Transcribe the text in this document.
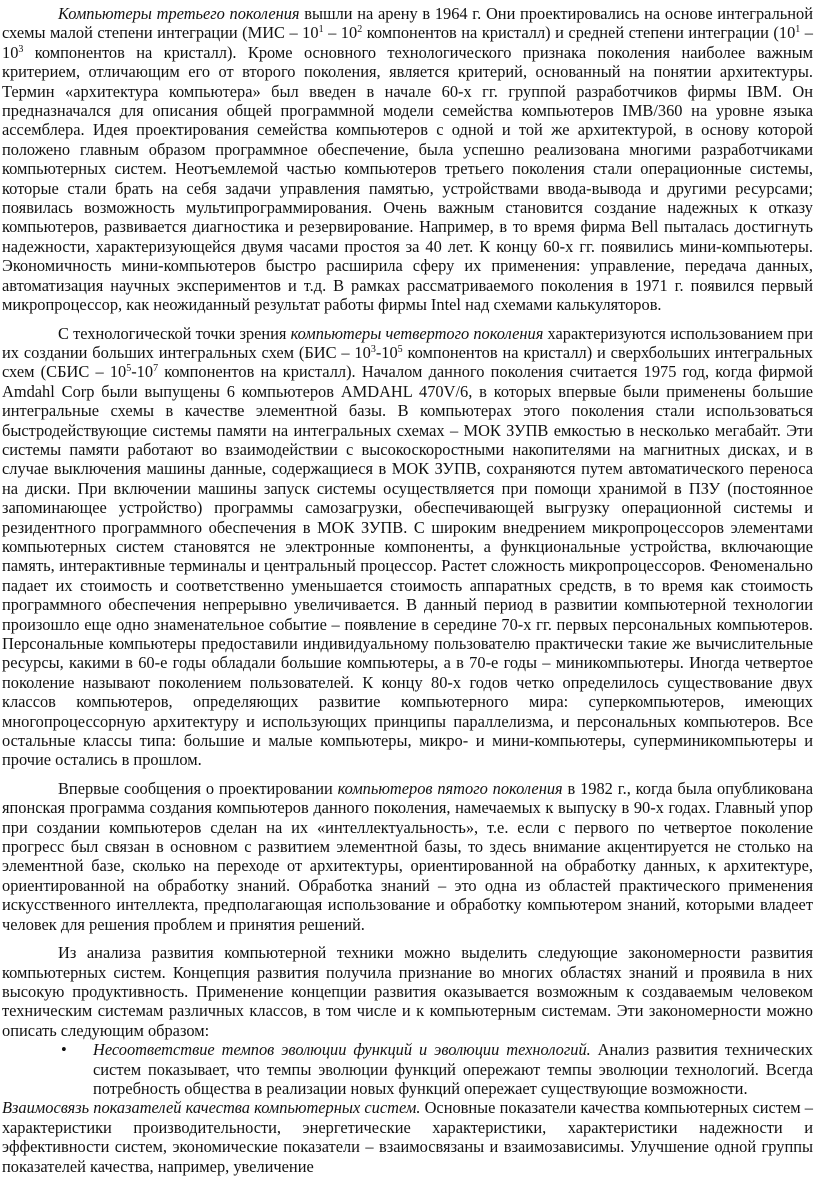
Компьютеры третьего поколения вышли на арену в 1964 г. Они проектировались на основе интегральной схемы малой степени интеграции ($МИС - 10^1 - 10^2$ компонентов на кристалл) и средней степени интеграции ($10^1 - 10^3$ компонентов на кристалл). Кроме основного технологического признака поколения наиболее важным критерием, отличающим его от второго поколения, является критерий, основанный на понятии архитектуры. Термин «архитектура компьютера» был введен в начале 60-х гг. группой разработчиков фирмы IBM. Он предназначался для описания общей программной модели семейства компьютеров IMB/360 на уровне языка ассемблера. Идея проектирования семейства компьютеров с одной и той же архитектурой, в основу которой положено главным образом программное обеспечение, была успешно реализована многими разработчиками компьютерных систем. Неотъемлемой частью компьютеров третьего поколения стали операционные системы, которые стали брать на себя задачи управления памятью, устройствами ввода-вывода и другими ресурсами; появилась возможность мультипрограммирования. Очень важным становится создание надежных к отказу компьютеров, развивается диагностика и резервирование. Например, в то время фирма Bell пыталась достигнуть надежности, характеризующейся двумя часами простоя за 40 лет. К концу 60-х гг. появились мини-компьютеры. Экономичность мини-компьютеров быстро расширила сферу их применения: управление, передача данных, автоматизация научных экспериментов и т.д. В рамках рассматриваемого поколения в 1971 г. появился первый микропроцессор, как неожиданный результат работы фирмы Intel над схемами калькуляторов.

С технологической точки зрения компьютеры четвертого поколения характеризуются использованием при их создании больших интегральных схем ($БИС - 10^3-10^5$ компонентов на кристалл) и сверхбольших интегральных схем (СБИС – $10^5-10^7$ компонентов на кристалл). Началом данного поколения считается 1975 год, когда фирмой Amdahl Corp были выпущены 6 компьютеров AMDAHL 470V/6, в которых впервые были применены большие интегральные схемы в качестве элементной базы. В компьютерах этого поколения стали использоваться быстродействующие системы памяти на интегральных схемах – МОК ЗУПВ емкостью в несколько мегабайт. Эти системы памяти работают во взаимодействии с высокоскоростными накопителями на магнитных дисках, и в случае выключения машины данные, содержащиеся в МОК ЗУПВ, сохраняются путем автоматического переноса на диски. При включении машины запуск системы осуществляется при помощи хранимой в ПЗУ (постоянное запоминающее устройство) программы самозагрузки, обеспечивающей выгрузку операционной системы и резидентного программного обеспечения в МОК ЗУПВ. С широким внедрением микропроцессоров элементами компьютерных систем становятся не электронные компоненты, а функциональные устройства, включающие память, интерактивные терминалы и центральный процессор. Растет сложность микропроцессоров. Феноменально падает их стоимость и соответственно уменьшается стоимость аппаратных средств, в то время как стоимость программного обеспечения непрерывно увеличивается. В данный период в развитии компьютерной технологии произошло еще одно знаменательное событие – появление в середине 70-х гг. первых персональных компьютеров. Персональные компьютеры предоставили индивидуальному пользователю практически такие же вычислительные ресурсы, какими в 60-е годы обладали большие компьютеры, а в 70-е годы – миникомпьютеры. Иногда четвертое поколение называют поколением пользователей. К концу 80-х годов четко определилось существование двух классов компьютеров, определяющих развитие компьютерного мира: суперкомпьютеров, имеющих многопроцессорную архитектуру и использующих принципы параллелизма, и персональных компьютеров. Все остальные классы типа: большие и малые компьютеры, микро- и мини-компьютеры, суперминикомпьютеры и прочие остались в прошлом.

Впервые сообщения о проектировании компьютеров пятого поколения в 1982 г., когда была опубликована японская программа создания компьютеров данного поколения, намечаемых к выпуску в 90-х годах. Главный упор при создании компьютеров сделан на их «интеллектуальность», т.е. если с первого по четвертое поколение прогресс был связан в основном с развитием элементной базы, то здесь внимание акцентируется не столько на элементной базе, сколько на переходе от архитектуры, ориентированной на обработку данных, к архитектуре, ориентированной на обработку знаний. Обработка знаний – это одна из областей практического применения искусственного интеллекта, предполагающая использование и обработку компьютером знаний, которыми владеет человек для решения проблем и принятия решений.

Из анализа развития компьютерной техники можно выделить следующие закономерности развития компьютерных систем. Концепция развития получила признание во многих областях знаний и проявила в них высокую продуктивность. Применение концепции развития оказывается возможным к создаваемым человеком техническим системам различных классов, в том числе и к компьютерным системам. Эти закономерности можно описать следующим образом:

• Несоответствие темпов эволюции функций и эволюции технологий. Анализ развития технических систем показывает, что темпы эволюции функций опережают темпы эволюции технологий. Всегда потребность общества в реализации новых функций опережает существующие возможности.

Взаимосвязь показателей качества компьютерных систем. Основные показатели качества компьютерных систем – характеристики производительности, энергетические характеристики, характеристики надежности и эффективности систем, экономические показатели – взаимосвязаны и взаимозависимы. Улучшение одной группы показателей качества, например, увеличение
